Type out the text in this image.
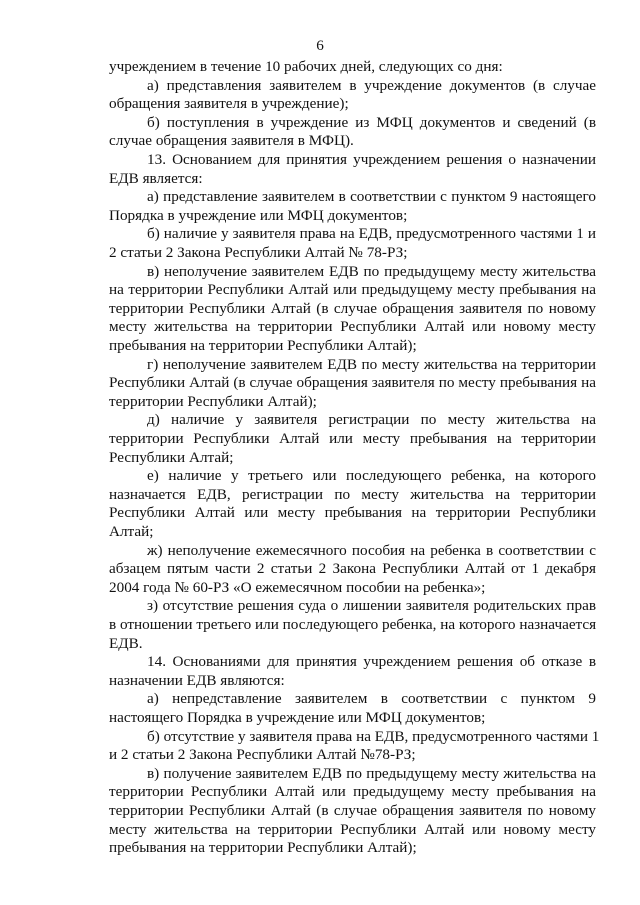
6
учреждением в течение 10 рабочих дней, следующих со дня:
а) представления заявителем в учреждение документов (в случае
обращения заявителя в учреждение);
б) поступления в учреждение из МФЦ документов и сведений (в
случае обращения заявителя в МФЦ).
13. Основанием для принятия учреждением решения о назначении
ЕДВ является:
а) представление заявителем в соответствии с пунктом 9 настоящего
Порядка в учреждение или МФЦ документов;
б) наличие у заявителя права на ЕДВ, предусмотренного частями 1 и
2 статьи 2 Закона Республики Алтай № 78-РЗ;
в) неполучение заявителем ЕДВ по предыдущему месту жительства
на территории Республики Алтай или предыдущему месту пребывания на
территории Республики Алтай (в случае обращения заявителя по новому
месту жительства на территории Республики Алтай или новому месту
пребывания на территории Республики Алтай);
г) неполучение заявителем ЕДВ по месту жительства на территории
Республики Алтай (в случае обращения заявителя по месту пребывания на
территории Республики Алтай);
д) наличие у заявителя регистрации по месту жительства на
территории Республики Алтай или месту пребывания на территории
Республики Алтай;
е) наличие у третьего или последующего ребенка, на которого
назначается ЕДВ, регистрации по месту жительства на территории
Республики Алтай или месту пребывания на территории Республики
Алтай;
ж) неполучение ежемесячного пособия на ребенка в соответствии с
абзацем пятым части 2 статьи 2 Закона Республики Алтай от 1 декабря
2004 года № 60-РЗ «О ежемесячном пособии на ребенка»;
з) отсутствие решения суда о лишении заявителя родительских прав
в отношении третьего или последующего ребенка, на которого назначается
ЕДВ.
14. Основаниями для принятия учреждением решения об отказе в
назначении ЕДВ являются:
а) непредставление заявителем в соответствии с пунктом 9
настоящего Порядка в учреждение или МФЦ документов;
б) отсутствие у заявителя права на ЕДВ, предусмотренного частями 1
и 2 статьи 2 Закона Республики Алтай №78-РЗ;
в) получение заявителем ЕДВ по предыдущему месту жительства на
территории Республики Алтай или предыдущему месту пребывания на
территории Республики Алтай (в случае обращения заявителя по новому
месту жительства на территории Республики Алтай или новому месту
пребывания на территории Республики Алтай);
